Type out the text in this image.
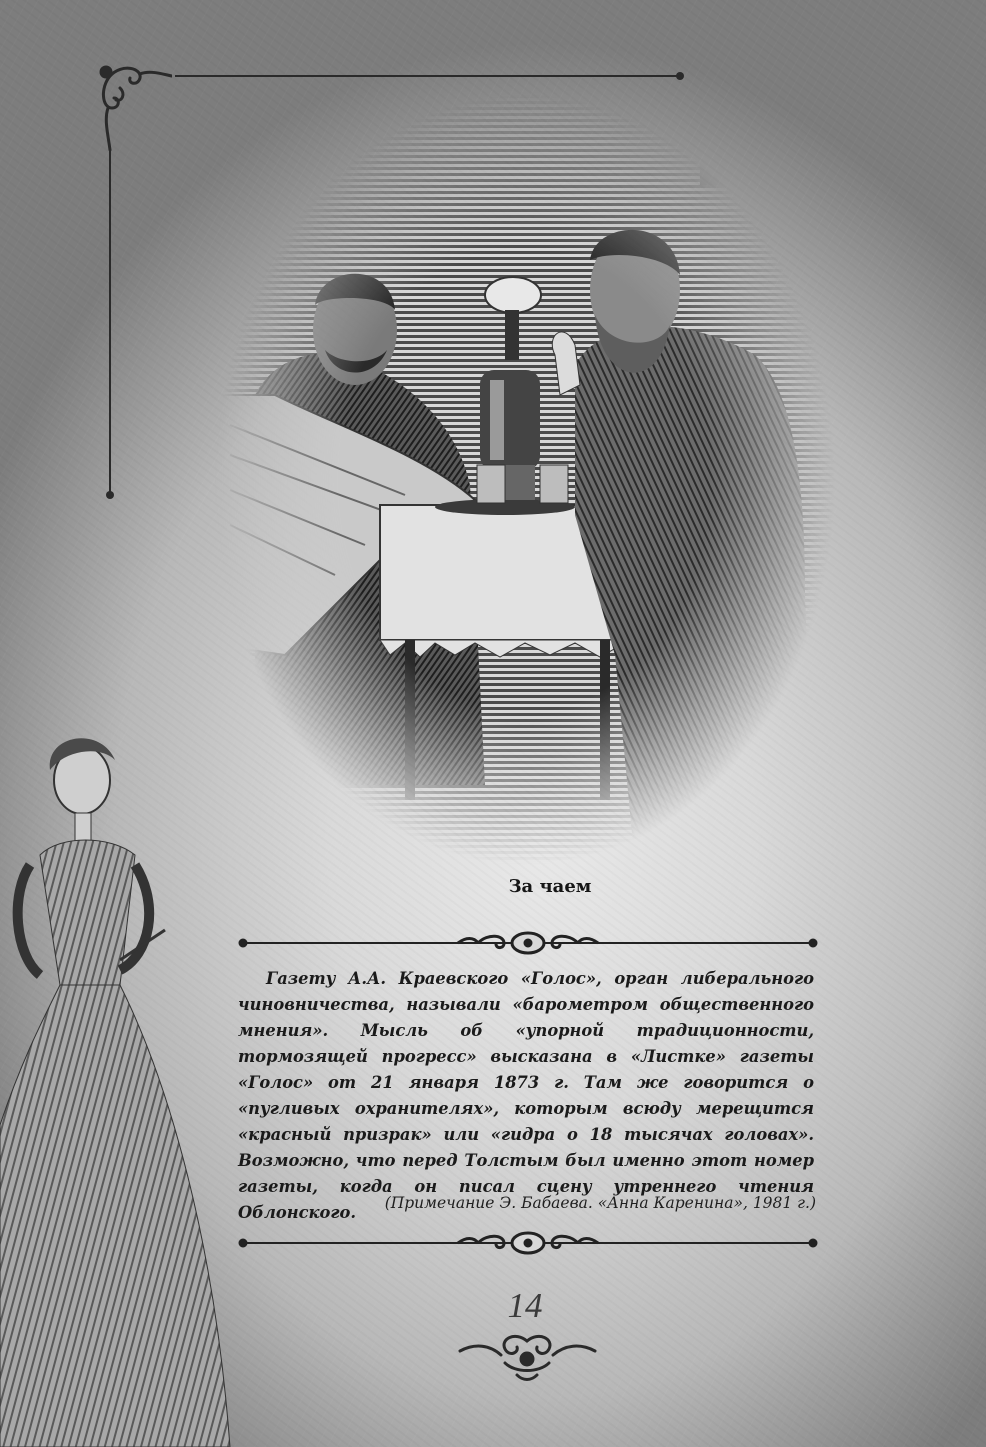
За чаем

Газету А.А. Краевского «Голос», орган либерального чиновничества, называли «барометром общественного мнения». Мысль об «упорной традиционности, тормозящей прогресс» высказана в «Листке» газеты «Голос» от 21 января 1873 г. Там же говорится о «пугливых охранителях», которым всюду мерещится «красный призрак» или «гидра о 18 тысячах головах». Возможно, что перед Толстым был именно этот номер газеты, когда он писал сцену утреннего чтения Облонского.	(Примечание Э. Бабаева. «Анна Каренина», 1981 г.)
14
